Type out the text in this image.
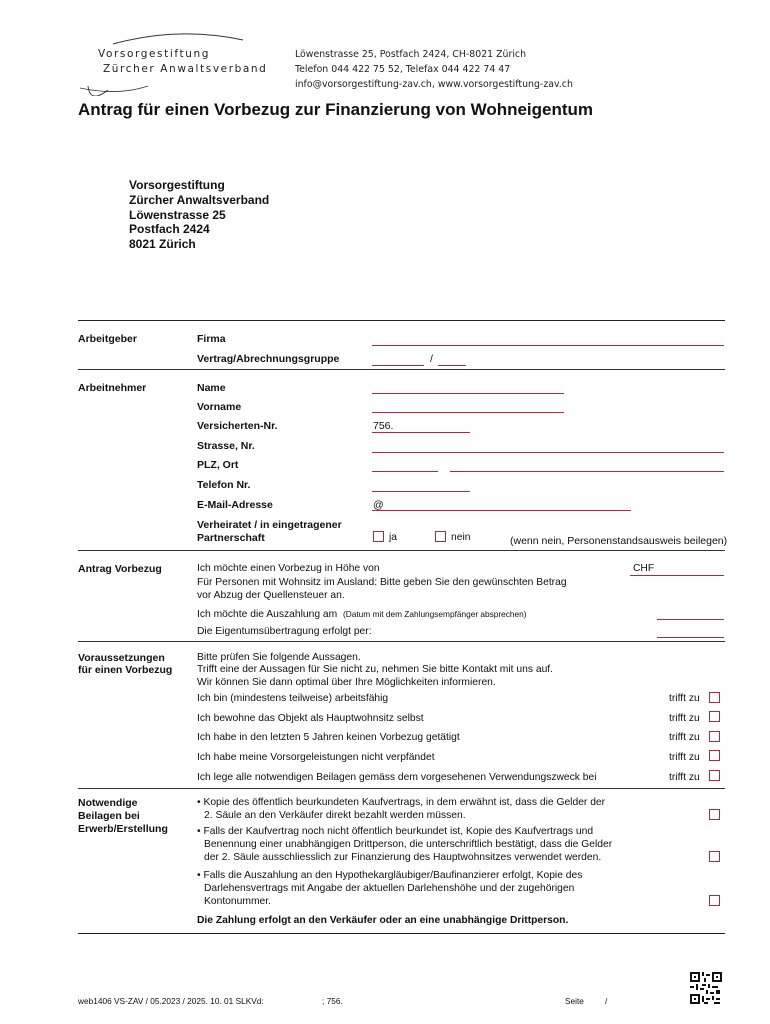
Vorsorgestiftung
Zürcher Anwaltsverband
Löwenstrasse 25, Postfach 2424, CH-8021 Zürich
Telefon 044 422 75 52, Telefax 044 422 74 47
info@vorsorgestiftung-zav.ch, www.vorsorgestiftung-zav.ch
Antrag für einen Vorbezug zur Finanzierung von Wohneigentum
Vorsorgestiftung
Zürcher Anwaltsverband
Löwenstrasse 25
Postfach 2424
8021 Zürich
Arbeitgeber	Firma
Vertrag/Abrechnungsgruppe	/
Arbeitnehmer	Name
Vorname
Versicherten-Nr.	756.
Strasse, Nr.
PLZ, Ort
Telefon Nr.
E-Mail-Adresse	@
Verheiratet / in eingetragener
Partnerschaft	ja	nein	(wenn nein, Personenstandsausweis beilegen)
Antrag Vorbezug	Ich möchte einen Vorbezug in Höhe von	CHF
Für Personen mit Wohnsitz im Ausland: Bitte geben Sie den gewünschten Betrag
vor Abzug der Quellensteuer an.
Ich möchte die Auszahlung am (Datum mit dem Zahlungsempfänger absprechen)
Die Eigentumsübertragung erfolgt per:
Voraussetzungen
für einen Vorbezug
Bitte prüfen Sie folgende Aussagen.
Trifft eine der Aussagen für Sie nicht zu, nehmen Sie bitte Kontakt mit uns auf.
Wir können Sie dann optimal über Ihre Möglichkeiten informieren.
Ich bin (mindestens teilweise) arbeitsfähig	trifft zu
Ich bewohne das Objekt als Hauptwohnsitz selbst	trifft zu
Ich habe in den letzten 5 Jahren keinen Vorbezug getätigt	trifft zu
Ich habe meine Vorsorgeleistungen nicht verpfändet	trifft zu
Ich lege alle notwendigen Beilagen gemäss dem vorgesehenen Verwendungszweck bei	trifft zu
Notwendige
Beilagen bei
Erwerb/Erstellung
• Kopie des öffentlich beurkundeten Kaufvertrags, in dem erwähnt ist, dass die Gelder der
2. Säule an den Verkäufer direkt bezahlt werden müssen.
• Falls der Kaufvertrag noch nicht öffentlich beurkundet ist, Kopie des Kaufvertrags und
Benennung einer unabhängigen Drittperson, die unterschriftlich bestätigt, dass die Gelder
der 2. Säule ausschliesslich zur Finanzierung des Hauptwohnsitzes verwendet werden.
• Falls die Auszahlung an den Hypothekargläubiger/Baufinanzierer erfolgt, Kopie des
Darlehensvertrags mit Angabe der aktuellen Darlehenshöhe und der zugehörigen
Kontonummer.
Die Zahlung erfolgt an den Verkäufer oder an eine unabhängige Drittperson.
web1406 VS-ZAV / 05.2023 / 2025. 10. 01 SLKVd:	; 756.	Seite	/
